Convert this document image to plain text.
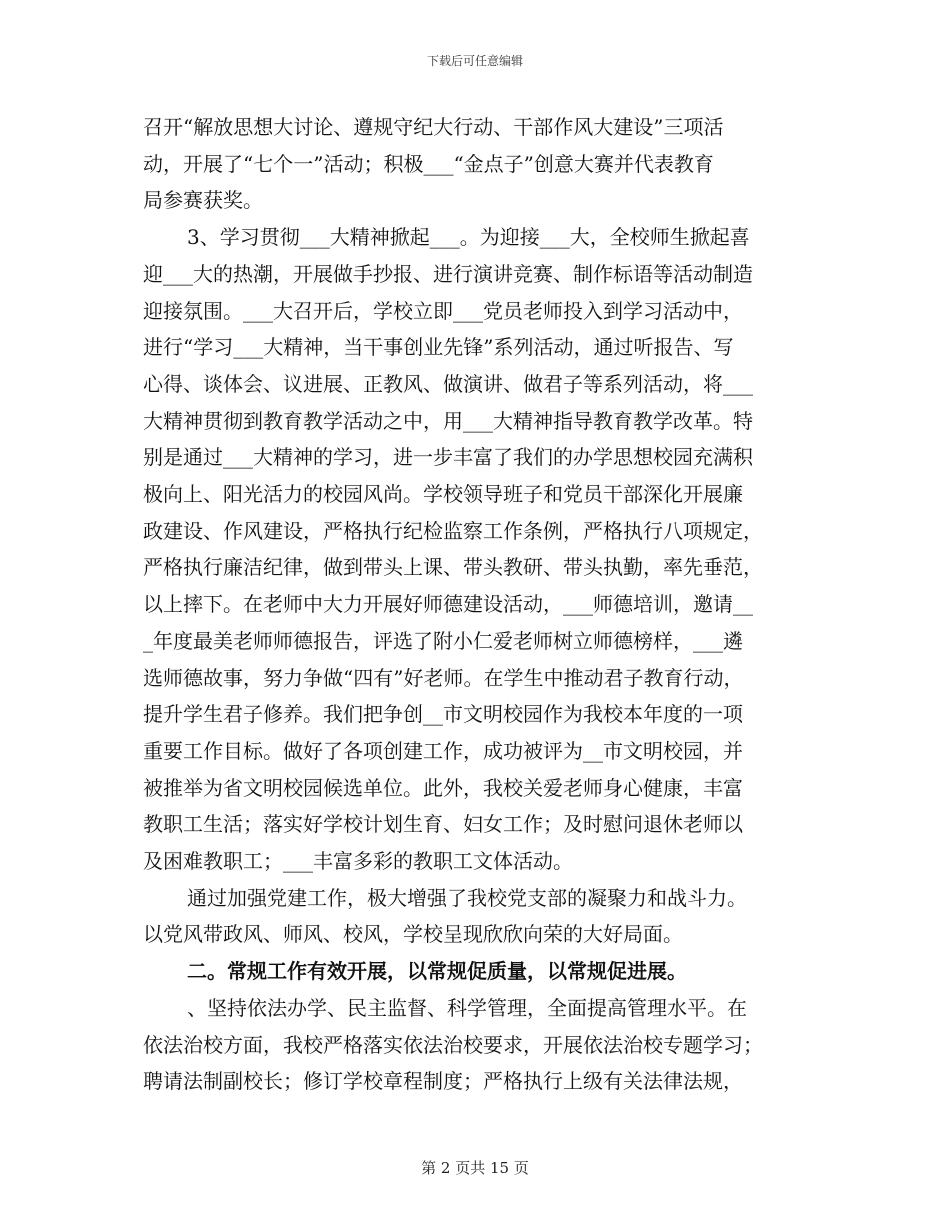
下载后可任意编辑
召开“解放思想大讨论、遵规守纪大行动、干部作风大建设”三项活
动，开展了“七个一”活动；积极___“金点子”创意大赛并代表教育
局参赛获奖。
3、学习贯彻___大精神掀起___。为迎接___大，全校师生掀起喜
迎___大的热潮，开展做手抄报、进行演讲竞赛、制作标语等活动制造
迎接氛围。___大召开后，学校立即___党员老师投入到学习活动中，
进行“学习___大精神，当干事创业先锋”系列活动，通过听报告、写
心得、谈体会、议进展、正教风、做演讲、做君子等系列活动，将___
大精神贯彻到教育教学活动之中，用___大精神指导教育教学改革。特
别是通过___大精神的学习，进一步丰富了我们的办学思想校园充满积
极向上、阳光活力的校园风尚。学校领导班子和党员干部深化开展廉
政建设、作风建设，严格执行纪检监察工作条例，严格执行八项规定，
严格执行廉洁纪律，做到带头上课、带头教研、带头执勤，率先垂范，
以上摔下。在老师中大力开展好师德建设活动，___师德培训，邀请__
_年度最美老师师德报告，评选了附小仁爱老师树立师德榜样，___遴
选师德故事，努力争做“四有”好老师。在学生中推动君子教育行动，
提升学生君子修养。我们把争创__市文明校园作为我校本年度的一项
重要工作目标。做好了各项创建工作，成功被评为__市文明校园，并
被推举为省文明校园候选单位。此外，我校关爱老师身心健康，丰富
教职工生活；落实好学校计划生育、妇女工作；及时慰问退休老师以
及困难教职工；___丰富多彩的教职工文体活动。
通过加强党建工作，极大增强了我校党支部的凝聚力和战斗力。
以党风带政风、师风、校风，学校呈现欣欣向荣的大好局面。
二。常规工作有效开展，以常规促质量，以常规促进展。
、坚持依法办学、民主监督、科学管理，全面提高管理水平。在
依法治校方面，我校严格落实依法治校要求，开展依法治校专题学习；
聘请法制副校长；修订学校章程制度；严格执行上级有关法律法规，
第 2 页共 15 页
